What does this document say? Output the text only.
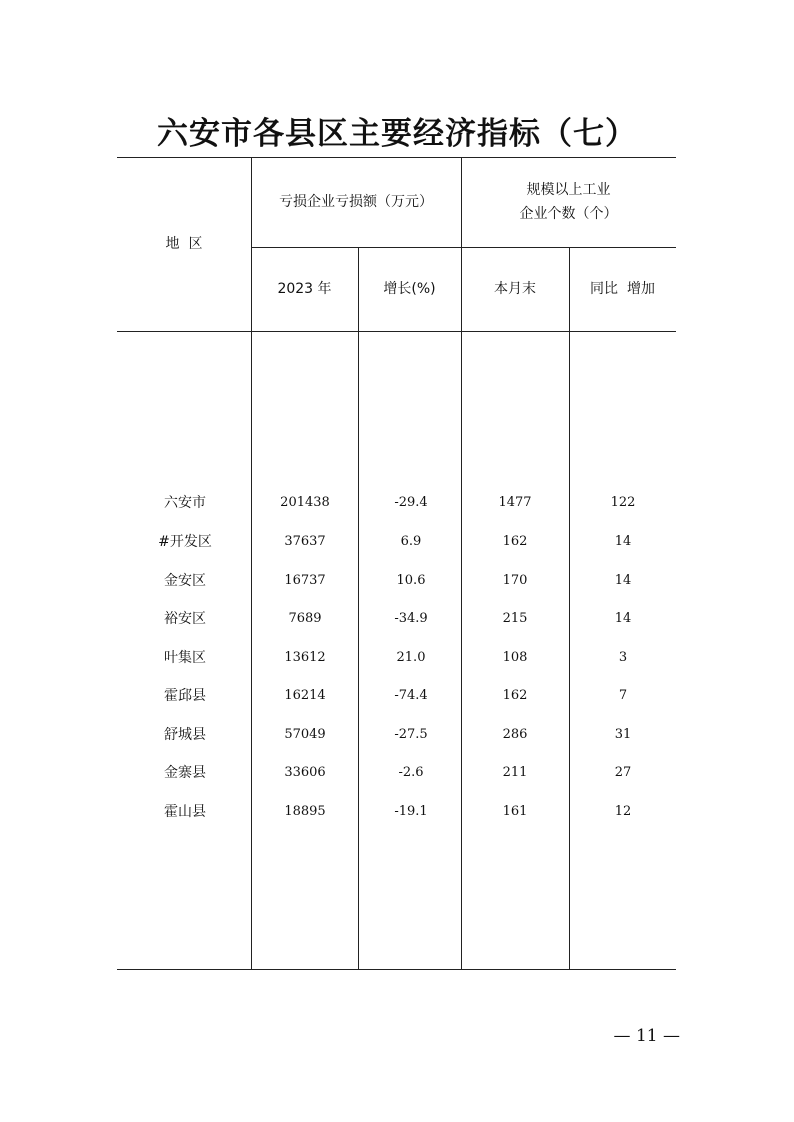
六安市各县区主要经济指标（七）
地  区
亏损企业亏损额（万元）
规模以上工业
企业个数（个）
2023 年	增长(%)	本月末	同比  增加
六安市	201438	-29.4	1477	122
#开发区	37637	6.9	162	14
金安区	16737	10.6	170	14
裕安区	7689	-34.9	215	14
叶集区	13612	21.0	108	3
霍邱县	16214	-74.4	162	7
舒城县	57049	-27.5	286	31
金寨县	33606	-2.6	211	27
霍山县	18895	-19.1	161	12
— 11 —
